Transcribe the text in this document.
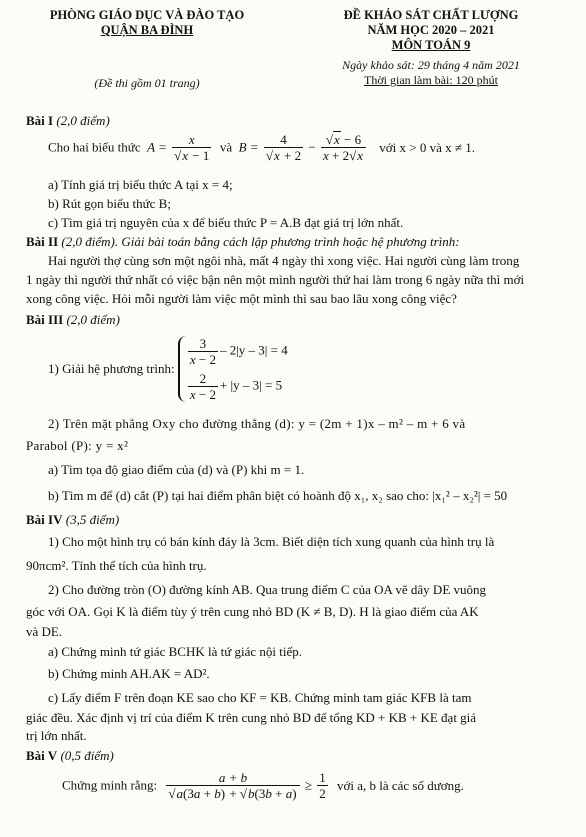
PHÒNG GIÁO DỤC VÀ ĐÀO TẠO
QUẬN BA ĐÌNH
(Đề thi gồm 01 trang)
ĐỀ KHẢO SÁT CHẤT LƯỢNG
NĂM HỌC 2020 – 2021
MÔN TOÁN 9
Ngày khảo sát: 29 tháng 4 năm 2021
Thời gian làm bài: 120 phút
Bài I (2,0 điểm)
Cho hai biểu thức  $A = \frac{x}{√x - 1}$ và  $B = \frac{4}{√x + 2} - \frac{√x - 6}{x + 2√x}$ với x > 0 và x ≠ 1.
a) Tính giá trị biểu thức A tại x = 4;
b) Rút gọn biểu thức B;
c) Tìm giá trị nguyên của x để biểu thức P = A.B đạt giá trị lớn nhất.
Bài II (2,0 điểm). Giải bài toán bằng cách lập phương trình hoặc hệ phương trình:
Hai người thợ cùng sơn một ngôi nhà, mất 4 ngày thì xong việc. Hai người cùng làm trong
1 ngày thì người thứ nhất có việc bận nên một mình người thứ hai làm trong 6 ngày nữa thì mới
xong công việc. Hỏi mỗi người làm việc một mình thì sau bao lâu xong công việc?
Bài III (2,0 điểm)
1) Giải hệ phương trình:
$\frac{3}{x - 2} - 2|y - 3| = 4$
$\frac{2}{x - 2} + |y - 3| = 5$
2) Trên mặt phẳng Oxy cho đường thẳng (d): y = (2m + 1)x – m² – m + 6 và
Parabol (P): y = x²
a) Tìm tọa độ giao điểm của (d) và (P) khi m = 1.
b) Tìm m để (d) cắt (P) tại hai điểm phân biệt có hoành độ x₁, x₂ sao cho: |x₁² – x₂²| = 50
Bài IV (3,5 điểm)
1) Cho một hình trụ có bán kính đáy là 3cm. Biết diện tích xung quanh của hình trụ là
90πcm². Tính thể tích của hình trụ.
2) Cho đường tròn (O) đường kính AB. Qua trung điểm C của OA vẽ dây DE vuông
góc với OA. Gọi K là điểm tùy ý trên cung nhỏ BD (K ≠ B, D). H là giao điểm của AK
và DE.
a) Chứng minh tứ giác BCHK là tứ giác nội tiếp.
b) Chứng minh AH.AK = AD².
c) Lấy điểm F trên đoạn KE sao cho KF = KB. Chứng minh tam giác KFB là tam
giác đều. Xác định vị trí của điểm K trên cung nhỏ BD để tổng KD + KB + KE đạt giá
trị lớn nhất.
Bài V (0,5 điểm)
Chứng minh rằng: $\frac{a + b}{√a(3a + b) + √b(3b + a)} \ge \frac{1}{2}$ với a, b là các số dương.
